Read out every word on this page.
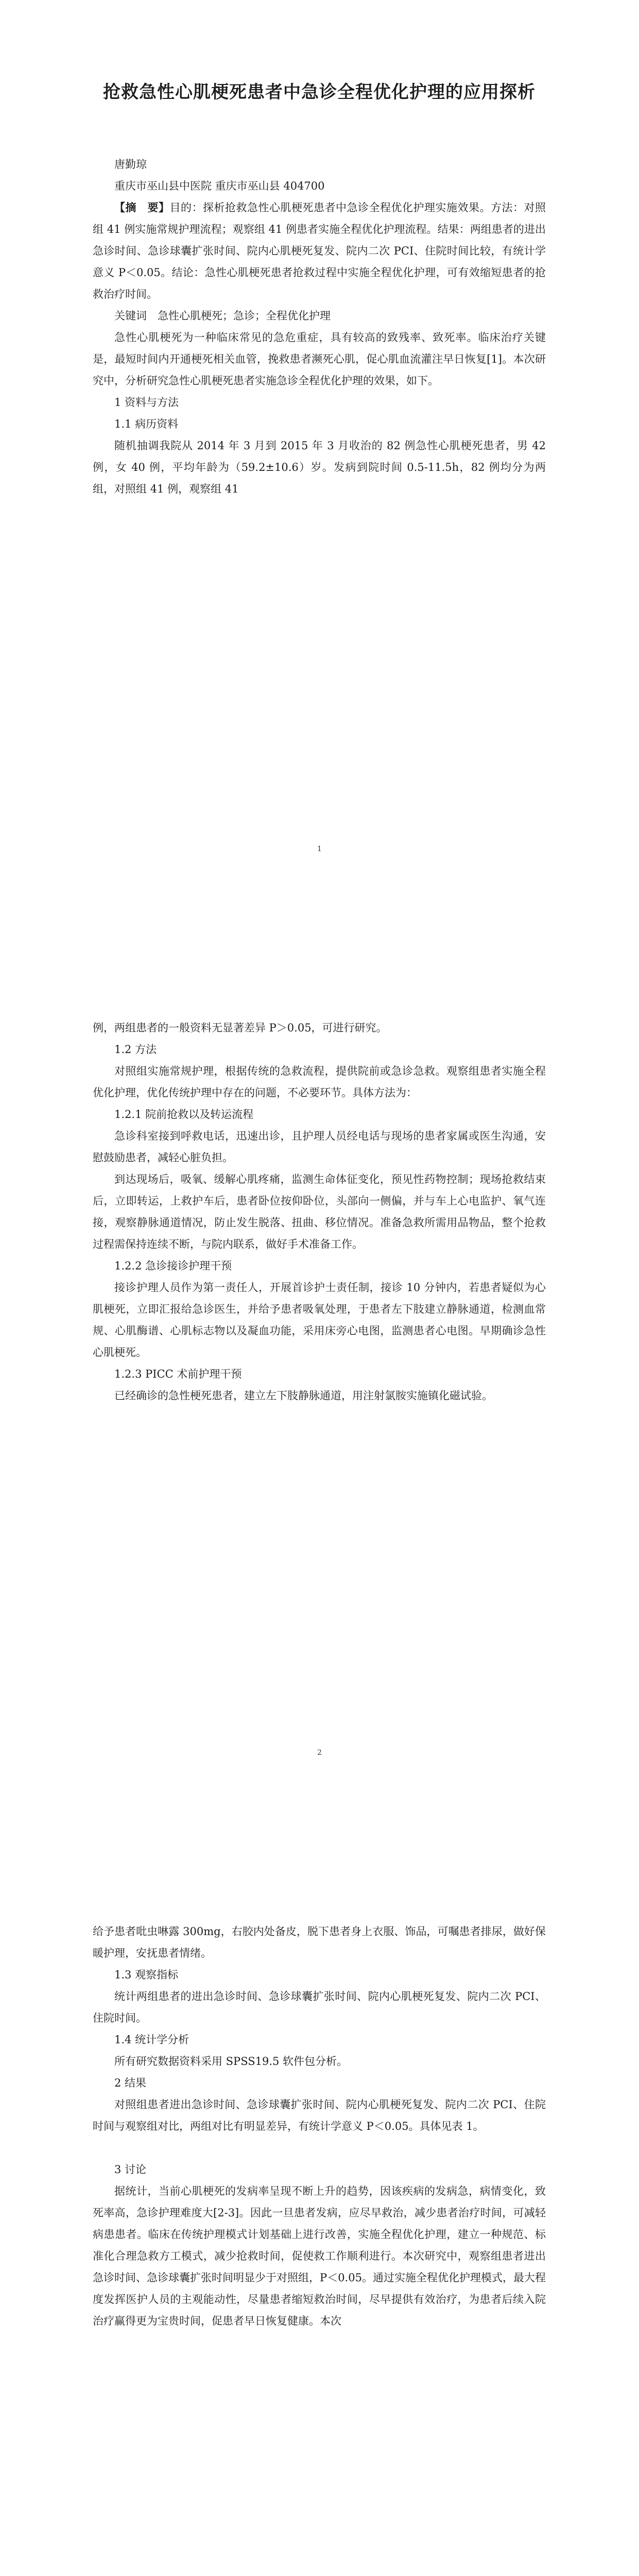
抢救急性心肌梗死患者中急诊全程优化护理的应用探析

唐勤琼

重庆市巫山县中医院 重庆市巫山县 404700

【摘　要】目的：探析抢救急性心肌梗死患者中急诊全程优化护理实施效果。方法：对照组 41 例实施常规护理流程；观察组 41 例患者实施全程优化护理流程。结果：两组患者的进出急诊时间、急诊球囊扩张时间、院内心肌梗死复发、院内二次 PCI、住院时间比较，有统计学意义 P＜0.05。结论：急性心肌梗死患者抢救过程中实施全程优化护理，可有效缩短患者的抢救治疗时间。

关键词　急性心肌梗死；急诊；全程优化护理

急性心肌梗死为一种临床常见的急危重症，具有较高的致残率、致死率。临床治疗关键是，最短时间内开通梗死相关血管，挽救患者濒死心肌，促心肌血流灌注早日恢复[1]。本次研究中，分析研究急性心肌梗死患者实施急诊全程优化护理的效果，如下。

1 资料与方法

1.1 病历资料

随机抽调我院从 2014 年 3 月到 2015 年 3 月收治的 82 例急性心肌梗死患者，男 42 例，女 40 例，平均年龄为（59.2±10.6）岁。发病到院时间 0.5-11.5h，82 例均分为两组，对照组 41 例，观察组 41

1

例，两组患者的一般资料无显著差异 P＞0.05，可进行研究。

1.2 方法

对照组实施常规护理，根据传统的急救流程，提供院前或急诊急救。观察组患者实施全程优化护理，优化传统护理中存在的问题，不必要环节。具体方法为：

1.2.1 院前抢救以及转运流程

急诊科室接到呼救电话，迅速出诊，且护理人员经电话与现场的患者家属或医生沟通，安慰鼓励患者，减轻心脏负担。

到达现场后，吸氧、缓解心肌疼痛，监测生命体征变化，预见性药物控制；现场抢救结束后，立即转运，上救护车后，患者卧位按仰卧位，头部向一侧偏，并与车上心电监护、氧气连接，观察静脉通道情况，防止发生脱落、扭曲、移位情况。准备急救所需用品物品，整个抢救过程需保持连续不断，与院内联系，做好手术准备工作。

1.2.2 急诊接诊护理干预

接诊护理人员作为第一责任人，开展首诊护士责任制，接诊 10 分钟内，若患者疑似为心肌梗死，立即汇报给急诊医生，并给予患者吸氧处理，于患者左下肢建立静脉通道，检测血常规、心肌酶谱、心肌标志物以及凝血功能，采用床旁心电图，监测患者心电图。早期确诊急性心肌梗死。

1.2.3 PICC 术前护理干预

已经确诊的急性梗死患者，建立左下肢静脉通道，用注射氯胺实施镇化磁试验。

2

给予患者吡虫啉露 300mg，右胶内处备皮，脱下患者身上衣服、饰品，可嘱患者排尿，做好保暖护理，安抚患者情绪。

1.3 观察指标

统计两组患者的进出急诊时间、急诊球囊扩张时间、院内心肌梗死复发、院内二次 PCI、住院时间。

1.4 统计学分析

所有研究数据资料采用 SPSS19.5 软件包分析。

2 结果

对照组患者进出急诊时间、急诊球囊扩张时间、院内心肌梗死复发、院内二次 PCI、住院时间与观察组对比，两组对比有明显差异，有统计学意义 P＜0.05。具体见表 1。

3 讨论

据统计，当前心肌梗死的发病率呈现不断上升的趋势，因该疾病的发病急，病情变化，致死率高，急诊护理难度大[2-3]。因此一旦患者发病，应尽早救治，减少患者治疗时间，可减轻病患患者。临床在传统护理模式计划基础上进行改善，实施全程优化护理，建立一种规范、标准化合理急救方工模式，减少抢救时间，促使救工作顺利进行。本次研究中，观察组患者进出急诊时间、急诊球囊扩张时间明显少于对照组，P＜0.05。通过实施全程优化护理模式，最大程度发挥医护人员的主观能动性，尽量患者缩短救治时间，尽早提供有效治疗，为患者后续入院治疗赢得更为宝贵时间，促患者早日恢复健康。本次
